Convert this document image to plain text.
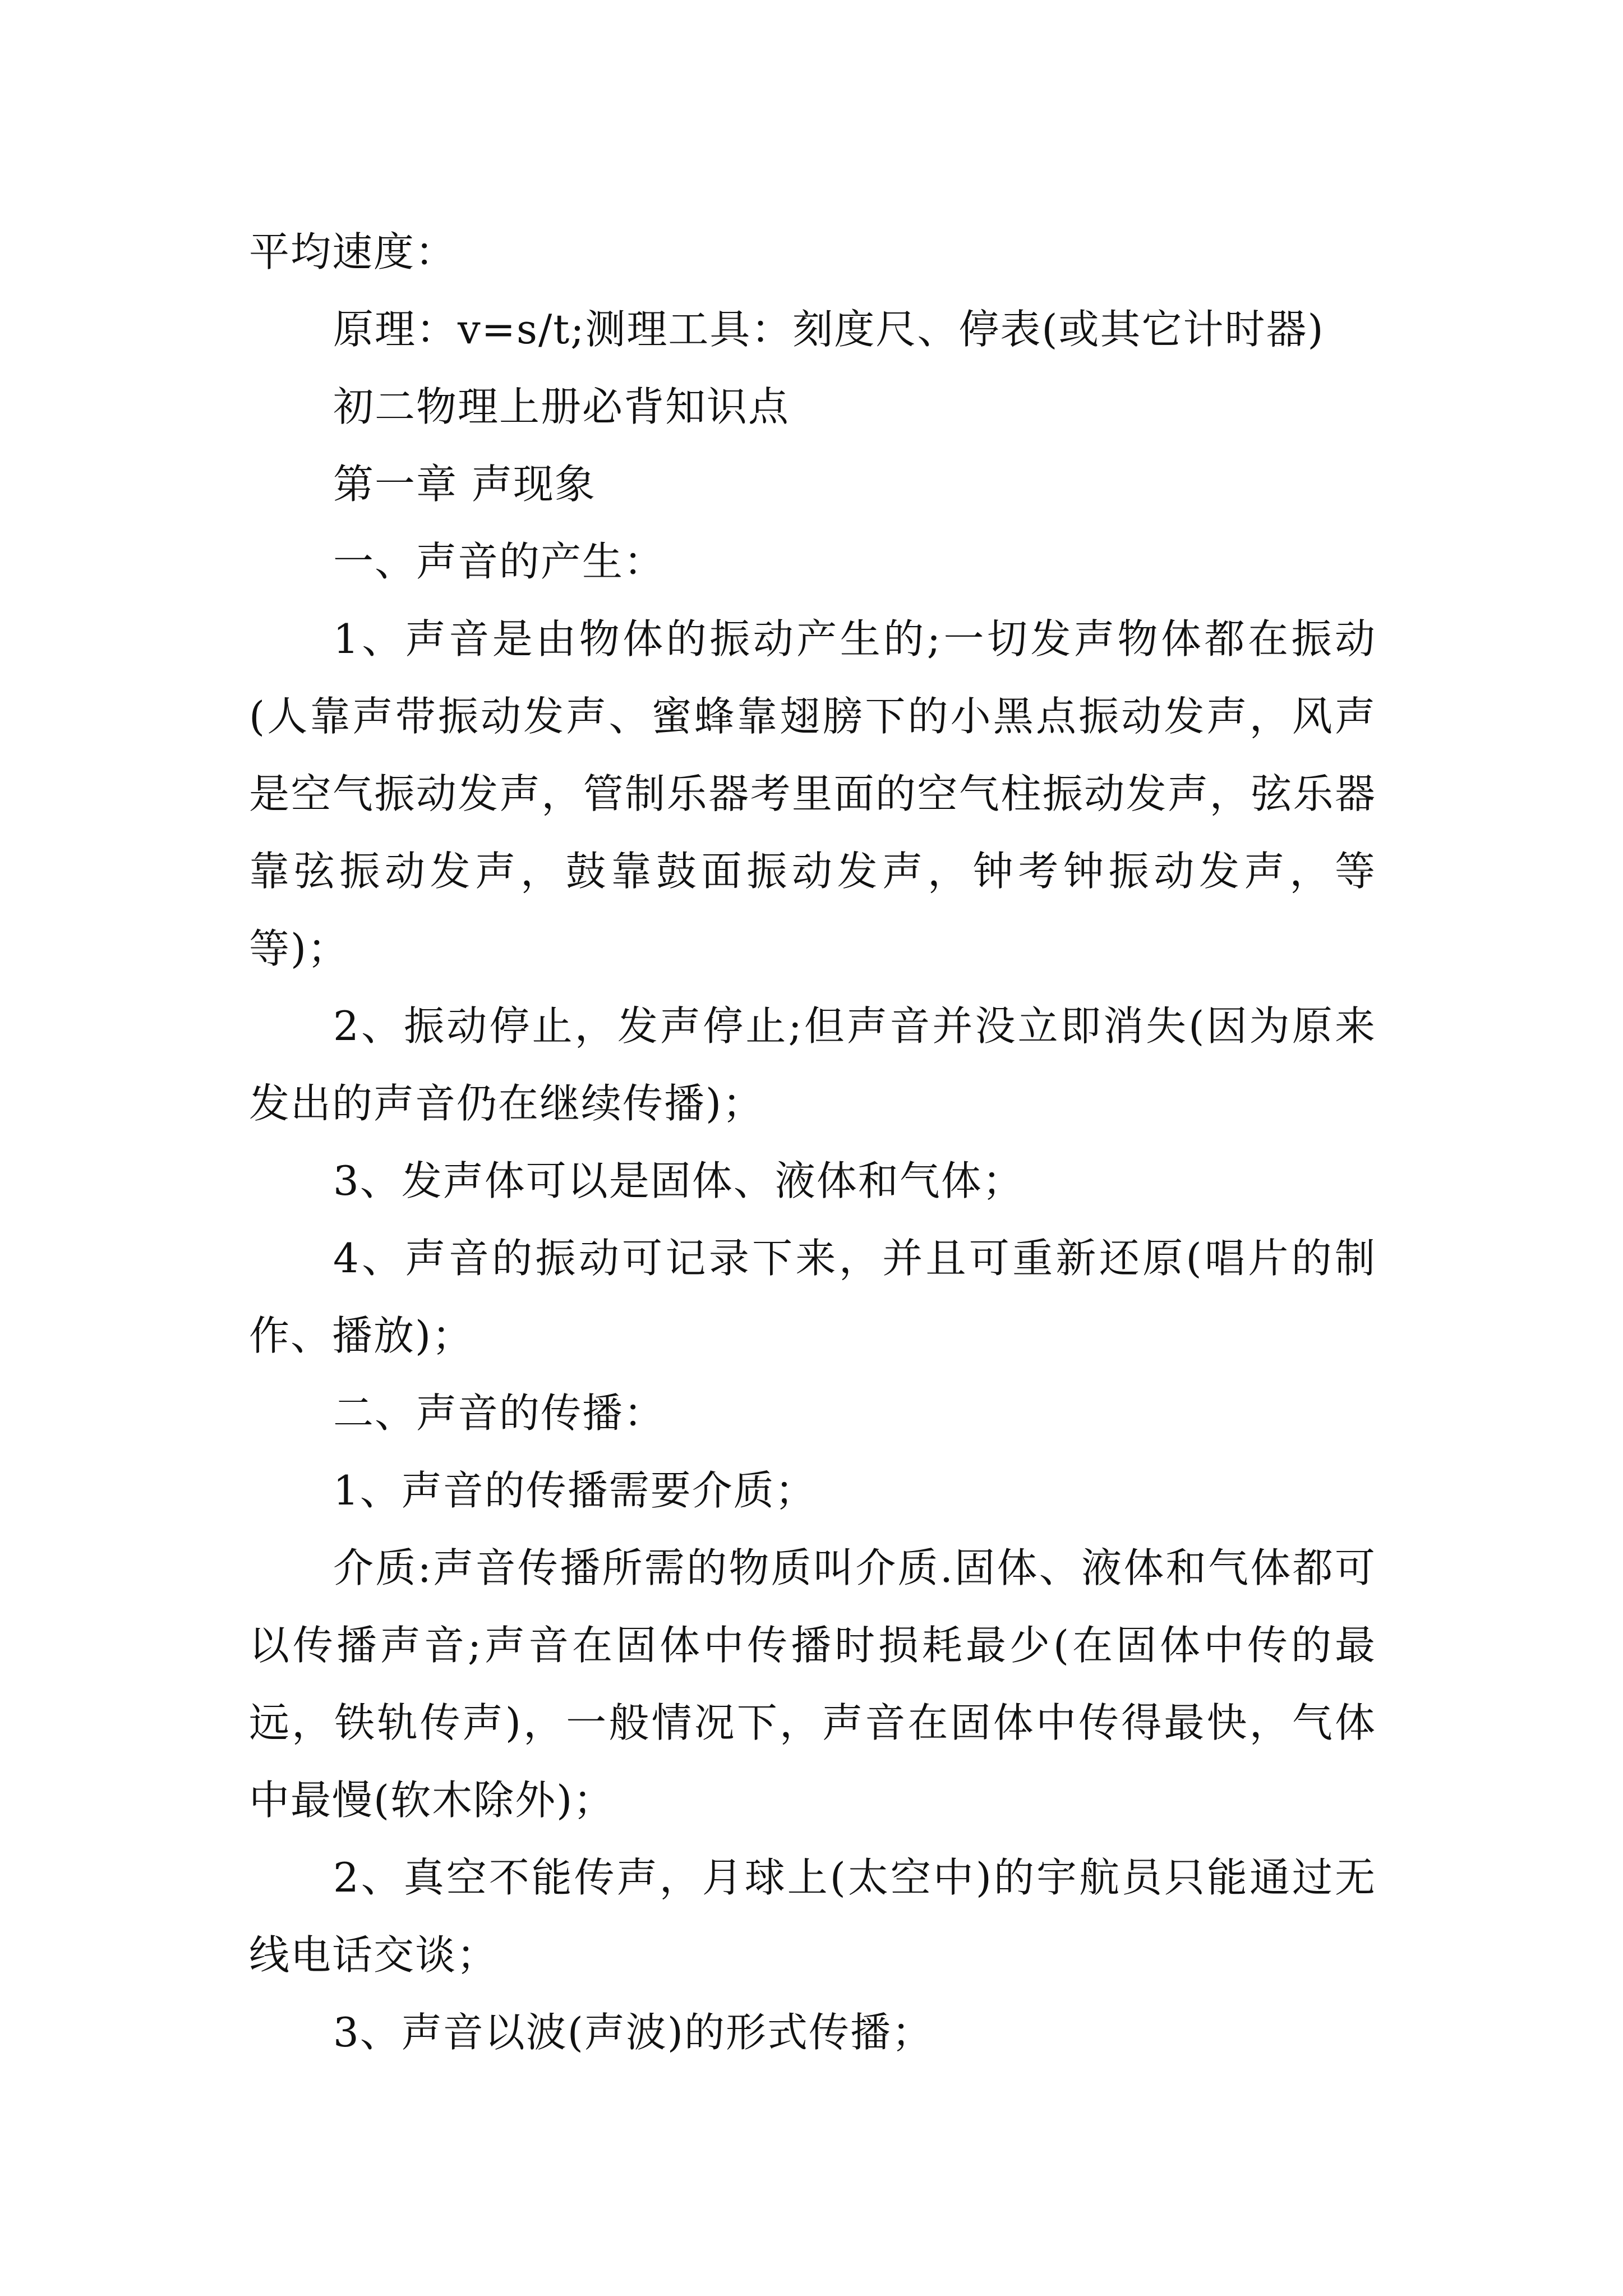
平均速度：

原理：v=s/t;测理工具：刻度尺、停表(或其它计时器)

初二物理上册必背知识点

第一章 声现象

一、声音的产生：

1、声音是由物体的振动产生的;一切发声物体都在振动(人靠声带振动发声、蜜蜂靠翅膀下的小黑点振动发声，风声是空气振动发声，管制乐器考里面的空气柱振动发声，弦乐器靠弦振动发声，鼓靠鼓面振动发声，钟考钟振动发声，等等)；

2、振动停止，发声停止;但声音并没立即消失(因为原来发出的声音仍在继续传播)；

3、发声体可以是固体、液体和气体；

4、声音的振动可记录下来，并且可重新还原(唱片的制作、播放)；

二、声音的传播：

1、声音的传播需要介质；

介质:声音传播所需的物质叫介质.固体、液体和气体都可以传播声音;声音在固体中传播时损耗最少(在固体中传的最远，铁轨传声)，一般情况下，声音在固体中传得最快，气体中最慢(软木除外)；

2、真空不能传声，月球上(太空中)的宇航员只能通过无线电话交谈；

3、声音以波(声波)的形式传播；
